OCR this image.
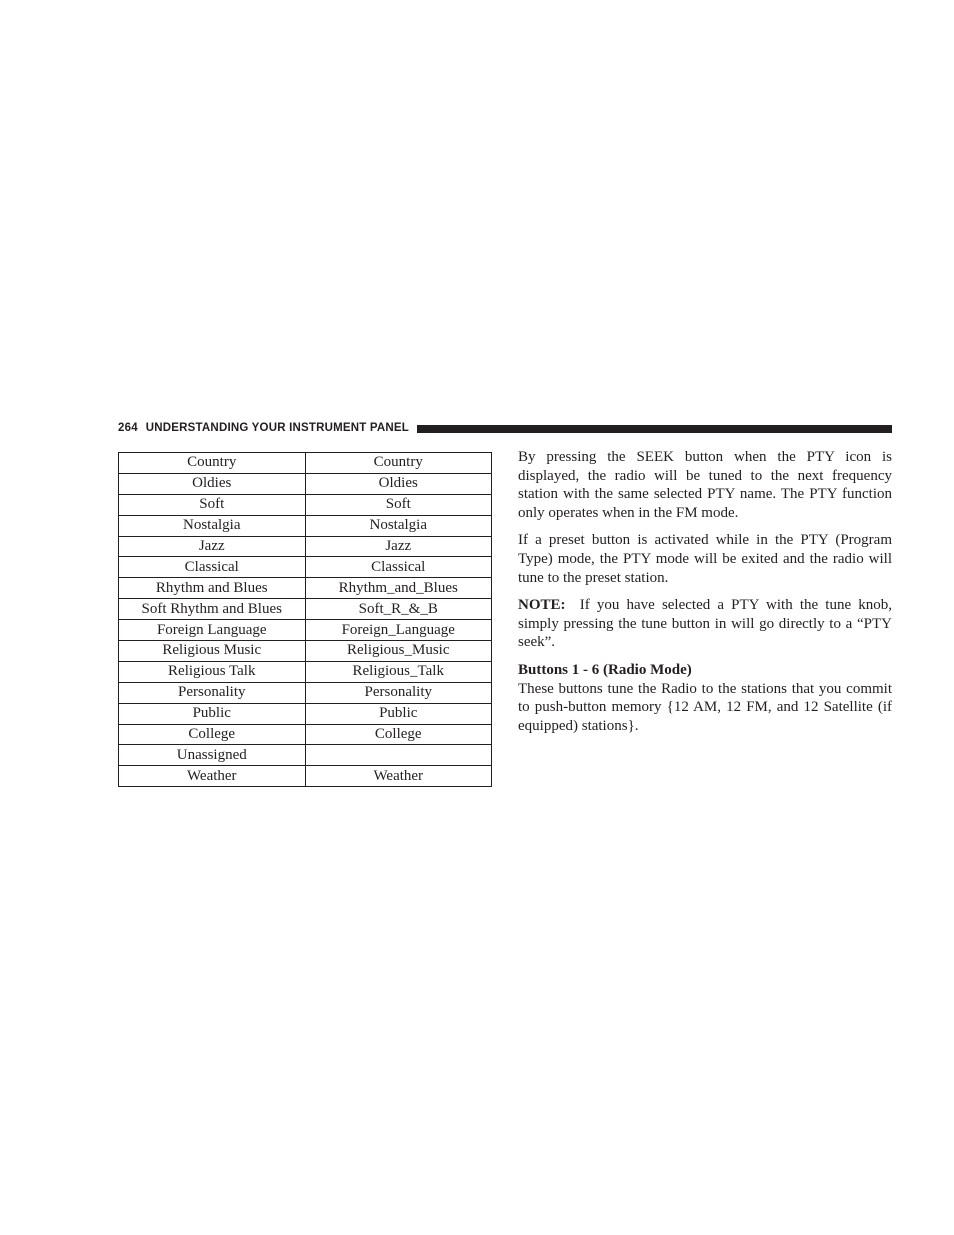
264 UNDERSTANDING YOUR INSTRUMENT PANEL
Country	Country
Oldies	Oldies
Soft	Soft
Nostalgia	Nostalgia
Jazz	Jazz
Classical	Classical
Rhythm and Blues	Rhythm_and_Blues
Soft Rhythm and Blues	Soft_R_&_B
Foreign Language	Foreign_Language
Religious Music	Religious_Music
Religious Talk	Religious_Talk
Personality	Personality
Public	Public
College	College
Unassigned	
Weather	Weather

By pressing the SEEK button when the PTY icon is displayed, the radio will be tuned to the next frequency station with the same selected PTY name. The PTY function only operates when in the FM mode.

If a preset button is activated while in the PTY (Program Type) mode, the PTY mode will be exited and the radio will tune to the preset station.

NOTE: If you have selected a PTY with the tune knob, simply pressing the tune button in will go directly to a “PTY seek”.

Buttons 1 - 6 (Radio Mode)

These buttons tune the Radio to the stations that you commit to push-button memory {12 AM, 12 FM, and 12 Satellite (if equipped) stations}.
